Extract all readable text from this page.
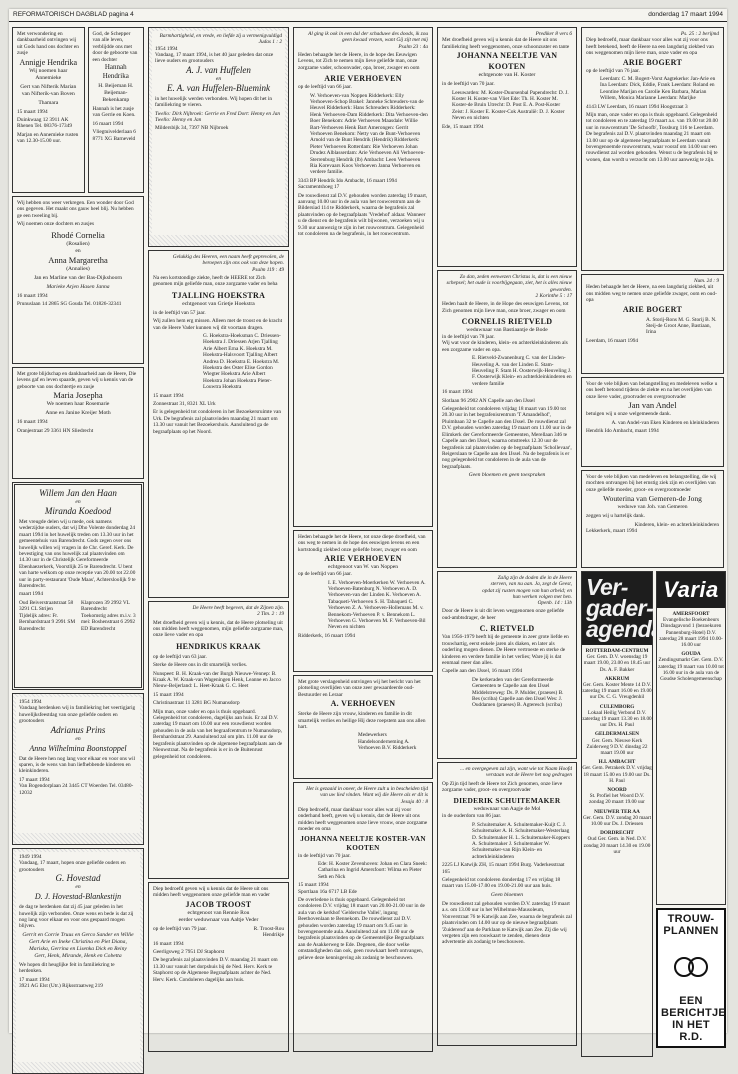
REFORMATORISCH DAGBLAD pagina 4	donderdag 17 maart 1994
Met verwondering en dankbaarheid ontvingen wij uit Gods hand ons dochter en zusje
Annigje Hendrika
Wij noemen haar Annemieke
Gert van Nifterik Marian van Nifterik-van Boven
Thamara
15 maart 1994
Duinkwaag 12 3911 AK Rhenen Tel. 08376-17349
Marjan en Annemieke rusten van 12.30-15.00 uur.
God, de Schepper van alle leven, verblijdde ons met door de geboorte van een dochter
Hannah Hendrika
H. Beijeman H. Beijeman-Bekenkamp
Hannah is het zusje van Gerrie en Koen.
16 maart 1994
Vliegtuivelderlaan 6 8771 XG Barneveld
Wij hebben ons weer verkregen. Een wonder door God ons gegeven. Het maakt ons gauw heel blij. Nu hebben ge een tweeling bij.
Wij noemen onze dochters en zusjes
Rhodé Cornelia
(Rosalien)
en
Anna Margaretha
(Annalies)
Jan en Marline van der Bas-Dijkshoorn
Marieke Arjen Hasen Janna
16 maart 1994
Prunuslaan 14 2865 SG Gouda Tel. 01826-32341
Met grote blijdschap en dankbaarheid aan de Heere, Die levens gaf en leven spaarde, geven wij u kennis van de geboorte van ons dochtertje en zusje
Maria Josepha
We noemen haar Rosemarie
Anne en Janine Kreijer Moth
16 maart 1994
Oranjestraat 29 3361 HN Sliedrecht
Willem Jan den Haan
en
Miranda Koedood
Met vreugde delen wij u mede, ook namens wederzijdse ouders, dat wij Dho Volente donderdag 24 maart 1994 in het huwelijk treden om 13.30 uur in het gemeentehuis van Barendrecht. Gods zegen over ons huwelijk willen wij vragen in de Chr. Geref. Kerk. De bevestiging van ons huwelijk zal plaatsvinden om 14.30 uur in de Christelijk Gereformeerde Ebenhaezerkerk, Voorstlijk 25 te Barendrecht. U bent van harte welkom op onze receptie van 20.00 tot 22.00 uur in party-restaurant 'Oude Maas', Achtersloolijk 9 te Barendrecht.
maart 1994
Oud Beiverstraatstraat 58 3291 CL Strijen
Klaprozen 39 2992 VL Barendrecht
Tijdelijk adres: Fr. Bernhardstraat 9 2991 SM Barendrecht
Toekomstig adres m.i.v. 3 mei: Boshenstraat 6 2992 ED Barendrecht
1954 1994
Vandaag herdenken wij in familiekring het veertigjarig huwelijksfeestdag van onze geliefde ouders en grootouders
Adrianus Prins
en
Anna Wilhelmina Boonstoppel
Dat de Heere hen nog lang voor elkaar en voor ons wil sparen, is de wens van hun liefhebbende kinderen en kleinkinderen.
17 maart 1994
Van Bogendorplaan 24 3445 CT Woerden Tel. 03480-12032
1949 1994
Vandaag, 17 maart, hopen onze geliefde ouders en grootouders
G. Hovestad
en
D. J. Hovestad-Blankestijn
de dag te herdenken dat zij 45 jaar geleden in het huwelijk zijn verbonden. Onze wens en bede is dat zij nog lang voor elkaar en voor ons gespaard mogen blijven.
Gerrit en Corrie Truus en Gerco Sander en Willie Gert Arie en Ineke Christina en Piet Diana, Mariska, Gerrina en Lisenka Dick en Reiny
Gert, Henk, Mirande, Henk en Cobetta
We hopen dit heuglijke feit in familiekring te herdenken.
17 maart 1994
3921 AG Elst (Utr.) Rijksstraatweg 219
Barmhartigheid, en vrede, en liefde zij u vermenigvuldigd
Judas 1 : 2
1954 1994
Vandaag, 17 maart 1994, is het 40 jaar geleden dat onze lieve ouders en grootouders
A. J. van Huffelen
en
E. A. van Huffelen-Bluemink
in het huwelijk werden verbonden. Wij hopen dit het in familiekring te vieren.
Twello: Dirk Nijbroek: Gerrie en Fred Dort: Henny en Jan Twello: Henny en Jan
Mildersbijk 34, 7397 NB Nijbroek
Gelukkig des Heeren, een naam heeft geprevolen, de beroepen zijn ons ook van deze hopen.
Psalm 119 : 49
Na een kortstondige ziekte, heeft de HEERE tot Zich genomen mijn geliefde man, onze zorgzame vader en beha
TJALLING HOEKSTRA
echtgenoot van Grietje Hoekstra
in de leeftijd van 57 jaar.
Wij zullen hem erg missen. Alleen met de troost en de kracht van de Heere Vader kunnen wij dit voortaan dragen.
G. Hoekstra-Hoeksman C. Driessen-Hoekstra J. Driessen Arjen Tjalling Arie Albert Erna K. Hoekstra M. Hoekstra-Halsvoort Tjalling Albert Andrea D. Hoekstra E. Hoekstra M. Hoekstra des Oster Elise Gordon Wiegter Hoekstra Arie Albert Hoekstra Johan Hoekstra Pieter-Louwtra Hoekstra
15 maart 1994
Zonnestraat 31, 8321 XL Urk
Er is gelegenheid tot condoleren in het Bezoekersruimte van Urk. De begrafenis zal plaatsvinden maandag 21 maart om 13.30 uur vanuit het Bezoekershuis. Aansluitend ga de begraafplaats op het Noord.
De Heere heeft begeven, dat de Zijnen zijn.
2 Tim. 2 : 19
Met droefheid geven wij u kennis, dat de Heere plotseling uit ons midden heeft weggenomen, mijn geliefde zorgzame man, onze lieve vader en opa
HENDRIKUS KRAAK
op de leeftijd van 63 jaar.
Sterke de Heere ons in dit smartelijk verlies.
Nunspeet: B. H. Kraak-van der Burgh Nieuwe-Vennep: B. Kraak A. W. Kraak-van Wageningen Henk, Leanne en Jacco Nieuw-Beijerland: L. Heet-Kraak G. C. Heet
15 maart 1994
Christinastraat 11 3281 BG Numansdorp
Mijn man, onze vader en opa is thuis opgebaard. Gelegenheid tot condoleren, dagelijks aan huis. Er zal D.V. zaterdag 19 maart om 10.00 uur een rouwdienst worden gehouden in de aula van het begraafcentrum te Numansdorp, Bernhardstraat 29. Aansluitend zal om plm. 11.00 uur de begrafenis plaatsvinden op de algemene begraafplaats aan de Nieuwstraat. Na de begrafenis is er in de Buitenrust gelegenheid tot condoleren.
Diep bedroefd geven wij u kennis dat de Heere uit ons midden heeft weggenomen onze geliefde man en vader
JACOB TROOST
echtgenoot van Rennie Rou
eerder weduwnaar van Aaltje Veder
op de leeftijd van 79 jaar.	R. Troost-Rou Hendrikje
16 maart 1994
Geerligsweg 2 7951 DJ Staphorst
De begrafenis zal plaatsvinden D.V. maandag 21 maart om 13.30 uur vanuit het dorpshuis bij de Ned. Herv. Kerk te Staphorst op de Algemene Begraafplaats achter de Ned. Herv. Kerk. Condoleren dagelijks aan huis.
Al ging ik ook in een dal der schaduwe des doods, ik zou geen kwaad vrezen, want Gij zijt met mij
Psalm 23 : 4a
Heden behaagde het de Heere, in de hope des Eeuwigen Levens, tot Zich te nemen mijn lieve geliefde man, onze zorgzame vader, schoonvader, opa, broer, zwager en oom
ARIE VERHOEVEN
op de leeftijd van 66 jaar.
W. Verhoeven-van Noppen Ridderkerk: Elly Verhoeven-Schop Brakel: Janneke Schreuders-van de Heuvel Ridderkerk: Hans Schreuders Ridderkerk: Henk Verhoeven-Dam Ridderkerk: Dita Verhoeven-den Boer Benekom: Adrie Verhoeven Maasdale: Willie Bart-Verhoeven Henk Bart Amerongen: Gerrit Verhoeven Benekom: Netty van de Bunt-Verhoeven Arnold van de Bunt Hendrik (Hendrik) Ridderkerk: Pieter Verhoeven Rotterdam: Rie Verhoeven Johan Drudez Alblasserdam: Arie Verhoeven Ali Verhoeven-Sterrenburg Hendrik (lb) Ambacht: Leen Verhoeven Ria Korevaars Koos Verhoeven Janna Verhoeven en verdere familie.
3343 BP Hendrik Ido Ambacht, 16 maart 1994 Sacramentshoeg 17
De rouwdienst zal D.V. gehouden worden zaterdag 19 maart, aanvang 10.00 uur in de aula van het rouwcentrum aan de Bildersiad 114 te Ridderkerk, waarna de begrafenis zal plaatsvinden op de begraafplaats 'Vredehof' aldaar. Wanneer u de dienst en de begrafenis wilt bijwonen, verzoeken wij u 9.30 uur aanwezig te zijn in het rouwcentrum. Gelegenheid tot condoleren na de begrafenis, in het rouwcentrum.
Heden behaagde het de Heere, tot onze diepe droefheid, van ons weg te nemen in de hope des eeuwigen levens en een kortstondig ziekbed onze geliefde broer, zwager en oom
ARIE VERHOEVEN
echtgenoot van W. van Noppen
op de leeftijd van 66 jaar.
I. E. Verhoeven-Moerkerken W. Verhoeven A. Verhoeven-Batenburg N. Verhoeven A. D. Verhoeven-van der Linden K. Verhoeven A. Tabaqueti-Verhoeven S. H. Tabaqueti C. Verhoeven Z. A. Verhoeven-Hollemans M. v. Bennekom-Verhoeven P. v. Bennekom L. Verhoeven G. Verhoeven M. F. Verhoeven-Bil Neven en nichten
Ridderkerk, 16 maart 1994
Met grote verslagenheid ontvingen wij het bericht van het plotseling overlijden van onze zeer gewaardeerde oud-Bestuurder en Leraar
A. VERHOEVEN
Sterke de Heere zijn vrouw, kinderen en familie in dit smartelijk verlies en heilige Hij deze roepstem aan ons allen hart.
Medewerkers Handelsonderneming A. Verhoeven B.V. Ridderkerk
Het is gezaaid in oneer, de Heere zult u in bescheiden tijd van uw lied vinden. Want wij die Heere als er dit is
Jesaja 40 : 8
Diep bedroefd, maar dankbaar voor alles wat zij voor onderhand heeft, geven wij u kennis, dat de Heere uit ons midden heeft weggenomen onze lieve vrouw, onze zorgzame moeder en oma
JOHANNA NEELTJE KOSTER-VAN KOOTEN
in de leeftijd van 70 jaar.
Ede: H. Koster Zevenhoven: Johan en Clara Sneek: Catharina en Ingrid Amersfoort: Wilma en Pieter Seth en Nick
15 maart 1994
Sportlaan 16a 6717 LB Ede
De overledene is thuis opgebaard. Gelegenheid tot condoleren D.V. vrijdag 18 maart van 20.00-21.00 uur in de aula van de kerkhof 'Geldersche Vallei', ingang Beethovenlaan te Bennekom. De rouwdienst zal D.V. gehouden worden zaterdag 19 maart om 9.45 uur in bovengenoemde aula. Aansluitend zal om 11.00 uur de begrafenis plaatsvinden op de Gemeentelijke Begraafplaats aan de Asakkerweg te Ede. Degenen, die door welke omstandigheden dan ook, geen rouwkaart heeft ontvangen, gelieve deze kennisgeving als zodanig te beschouwen.
Prediker 8 vers 6
Met droefheid geven wij u kennis dat de Heere uit ons familiekring heeft weggenomen, onze schoonzuster en tante
JOHANNA NEELTJE VAN KOOTEN
echtgenote van H. Koster
in de leeftijd van 70 jaar.
Leeuwarden: M. Koster-Duursenbal Papendrecht: D. J. Koster H. Koster-van Vliet Ede: Th. H. Koster M. Koster-de Bruin Utrecht: D. Post E. A. Post-Koster Zeist: J. Koster E. Koster-Cok Australië: D. J. Koster Neven en nichten
Ede, 15 maart 1994
Zo dan, zeden eenwezen Christus is, dat is een nieuw schepsel; het oude is voorbijgegaan, ziet, het is alles nieuw geworden.
2 Korinthe 5 : 17
Heden haalt de Heere, in de Hope des eeuwigen Levens, tot Zich genomen mijn lieve man, onze broer, zwager en oom
CORNELIS RIETVELD
weduwnaar van Bastiaantje de Bode
in de leeftijd van 78 jaar.
Wij wat voor de kinderen, klein- en achterkleinkinderen als een zorgzame vader en opa.
E. Rietveld-Zwanenburg C. van der Linden-Heuveling A. van der Linden E. Stam-Heuveling F. Stam H. Oosterwijk-Heuveling J. F. Oosterwijk Klein- en achterkleinkinderen en verdere familie
16 maart 1994
Slotlaan 96 2902 AN Capelle aan den IJssel
Gelegenheid tot condoleren vrijdag 18 maart van 19.00 tot 20.30 uur in het begrafenisrentrum 'T Amandelhof', Pluimbaan 32 te Capelle aan den IJssel. De rouwdienst zal D.V. gehouden worden zaterdag 19 maart om 11.00 uur in de Elimkerk der Gereformeerde Gemeenten, Merellaan 346 te Capelle aan den IJssel, waarna omstreeks 12.30 uur de begrafenis zal plaatsvinden op de begraafplaats 'Schollevaar', Reigerslaan te Capelle aan den IJssel. Na de begrafenis is er nog gelegenheid tot condoleren in de aula van de begraafplaats.
Geen bloemen en geen toespraken
Zalig zijn de doden die in de Heere sterven, van nu aan. Ja, zegt de Geest, opdat zij rusten mogen van hun arbeid; en hun werken volgen met hen.
Openb. 14 : 13b
Door de Heere is uit dit leven weggenomen onze geliefde oud-ambtsdrager, de heer
C. RIETVELD
Van 1956-1979 heeft hij de gemeente in zeer grote liefde en trouwhartig, eerst enkele jaren als diaken, en later als ouderling mogen dienen. De Heere vertroeste en sterke de kinderen en verdere familie in het verlies; Ware jij is dat eenmaal meer dan alles.
Capelle aan den IJssel, 16 maart 1994
De kerkeraden van der Gereformeerde Gemeenten te Capelle aan den IJssel Middelstreweg: Ds. P. Mulder, (praeses) B. Bes (scriba) Capelle aan den IJssel Wes: J. Ouddamen (praeses) B. Agteresch (scriba)
... en overgegeven zal zijn, want wie tot Naam Hoofd verstaan wat de Heere het nog gedragen
Op Zijn tijd heeft de Heere tot Zich genomen, onze lieve zorgzame vader, groot- en overgrootvader
DIEDERIK SCHUITEMAKER
weduwnaar van Aagje de Mol
in de ouderdom van 86 jaar.
P. Schuitemaker A. Schuitemaker-Kuijt C. J. Schuitemaker A. H. Schuitemaker-Westerlaag D. Schuitemaker H. L. Schuitemaker-Koppers A. Schuitemaker J. Schuitemaker W. Schuitemaker-van Rijn Klein- en achterkleinkinderen
2225 LJ Katwijk ZH, 15 maart 1994 Burg. Vaderkesstraat 165
Gelegenheid tot condoleren donderdag 17 en vrijdag 18 maart van 15.00-17.00 en 19.00-21.00 uur aan huis.
Geen bloemen
De rouwdienst zal gehouden worden D.V. zaterdag 19 maart a.s. om 13.00 uur in het Wilhelmus-Mausoleum, Vonverstraat 76 te Katwijk aan Zee, waarna de begrafenis zal plaatsvinden om 14.00 uur op de nieuwe begraafplaats 'Zuiderend' aan de Parklaan te Katwijk aan Zee. Zij die wij vergeten zijn een rouwkaart te zenden, dienen deze advertentie als zodanig te beschouwen.
Ps. 25 : 2 berijmd
Diep bedroefd, maar dankbaar voor alles wat zij voor ons heeft betekend, heeft de Heere na een langdurig ziekbed van ons weggenomen mijn lieve man, onze vader en opa
ARIE BOGERT
op de leeftijd van 76 jaar.
Leerdam: C. M. Bogert-Vorst Aagtekerke: Jan-Arie en Ina Leerdam: Dick, Eddie, Frank Leerdam: Roland en Leontine Marijan en Carolie Ken Barbara, Marian Willem, Monica Marianne Leerdam: Marijke
4143 LW Leerdam, 16 maart 1994 Hoogstraat 3
Mijn man, onze vader en opa is thuis opgebaard. Gelegenheid tot condoleren en te zaterdag 19 maart a.s. van 19.00 tot 20.00 uur in rouwcentrum 'De Schoofb', Tossburg 116 te Leerdam. De begrafenis zal D.V. plaatsvinden maandag 21 maart om 13.00 uur op de algemene begraafplaats te Leerdam vanuit bovengenoemde rouwcentrum, waar vooraf om 14.00 uur een rouwdienst zal worden gehouden. Wenst u de begrafenis bij te wonen, dan wordt u verzocht om 13.00 uur aanwezig te zijn.
Num. 24 : 9
Heden behaagde het de Heere, na een langdurig ziekbed, uit ons midden weg te nemen onze geliefde zwager, oom en oud-opa
ARIE BOGERT
A. Storij-Rons M. G. Storij B. N. Steij-de Groot Anne, Bastiaan, Irina
Leerdam, 16 maart 1994
Voor de vele blijken van belangstelling en medeleven welke u ons heeft betoond tijdens de ziekte en na het overlijden van onze lieve vader, grootvader en overgrootvader
Jan van Andel
betuigen wij u onze welgemeende dank.
A. van Andel-van Eken Kinderen en kleinkinderen
Hendrik Ido Ambacht, maart 1994
Voor de vele blijken van medeleven en belangstelling, die wij mochten ontvangen bij het ernstig ziek zijn en overlijden van onze geliefde moeder, groot- en overgrootmoeder
Wouterina van Gemeren-de Jong
weduwe van Joh. van Gemeren
zeggen wij u hartelijk dank.
Kinderen, klein- en achterkleinkinderen
Lekkerkerk, maart 1994
Ver- gader- agenda
ROTTERDAM-CENTRUM
Ger. Gem. D.V. woensdag 19 maart 19.00, 23.00 en 18.45 uur Ds. A. F. Bakker
AKKRUM
Ger. Gem. Koster Mente 14 D.V. zaterdag 19 maart 16.00 en 19.00 uur Ds. C. G. Vreugdenhil
CULEMBORG
Lokaal Heilig Verbond D.V. zaterdag 19 maart 13.30 en 18.00 uur Drs. H. Paul
GELDERMALSEN
Ger. Gem. Nieuwe Kerk Zuiderweg 9 D.V. dinsdag 22 maart 19.00 uur
H.I. AMBACHT
Ger. Gem. Petrakerk D.V. vrijdag 18 maart 15.00 en 19.00 uur Ds. H. Paul
NOORD
St. Profiel het Woord D.V. zondag 20 maart 19.00 uur
NIEUWER TER AA
Ger. Gem. D.V. zondag 20 maart 10.00 uur Ds. J. Driessen
DORDRECHT
Oud Ger. Gem. in Ned. D.V. zondag 20 maart 14.30 en 19.00 uur
Varia
AMERSFOORT
Evangelische Boekenbeurs Dinsdagavond 1 (bezoekuren Pannenburg-Hotel) D.V. zaterdag 28 maart 1994 10.00-16.00 uur
GOUDA
Zendingsmarkt Ger. Gem. D.V. zaterdag 19 maart van 10.00 tot 16.00 uur in de aula van de Goudse Scholengemeenschap
TROUW-PLANNEN
EEN BERICHTJE IN HET R.D.
